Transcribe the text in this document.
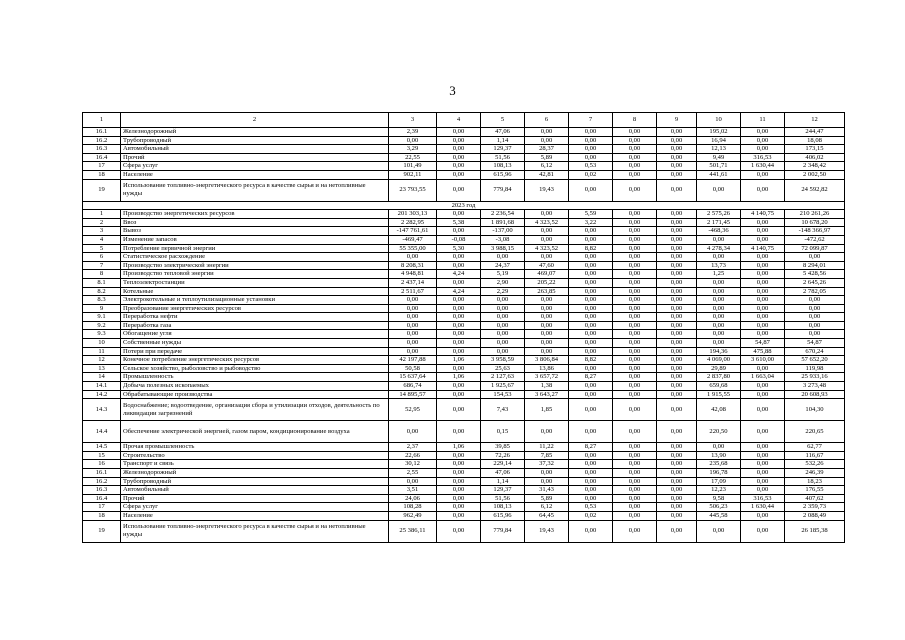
3
1	2	3	4	5	6	7	8	9	10	11	12
16.1	Железнодорожный	2,39	0,00	47,06	0,00	0,00	0,00	0,00	195,02	0,00	244,47
16.2	Трубопроводный	0,00	0,00	1,14	0,00	0,00	0,00	0,00	16,94	0,00	18,08
16.3	Автомобильный	3,29	0,00	129,37	28,37	0,00	0,00	0,00	12,13	0,00	173,15
16.4	Прочий	22,55	0,00	51,56	5,89	0,00	0,00	0,00	9,49	316,53	406,02
17	Сфера услуг	101,49	0,00	108,13	6,12	0,53	0,00	0,00	501,71	1 630,44	2 348,42
18	Население	902,11	0,00	615,96	42,81	0,02	0,00	0,00	441,61	0,00	2 002,50
19	Использование топливно-энергетического ресурса в качестве сырья и на нетопливные нужды	23 793,55	0,00	779,84	19,43	0,00	0,00	0,00	0,00	0,00	24 592,82
2023 год											
1	Производство энергетических ресурсов	201 303,13	0,00	2 236,54	0,00	5,59	0,00	0,00	2 575,26	4 140,75	210 261,26
2	Ввоз	2 282,95	5,38	1 891,68	4 323,52	3,22	0,00	0,00	2 171,45	0,00	10 678,20
3	Вывоз	-147 761,61	0,00	-137,00	0,00	0,00	0,00	0,00	-468,36	0,00	-148 366,97
4	Изменение запасов	-469,47	-0,08	-3,08	0,00	0,00	0,00	0,00	0,00	0,00	-472,62
5	Потребление первичной энергии	55 355,00	5,30	3 988,15	4 323,52	8,82	0,00	0,00	4 278,34	4 140,75	72 099,87
6	Статистическое расхождение	0,00	0,00	0,00	0,00	0,00	0,00	0,00	0,00	0,00	0,00
7	Производство электрической энергии	8 208,31	0,00	24,37	47,60	0,00	0,00	0,00	13,73	0,00	8 294,01
8	Производство тепловой энергии	4 948,81	4,24	5,19	469,07	0,00	0,00	0,00	1,25	0,00	5 428,56
8.1	Теплоэлектростанции	2 437,14	0,00	2,90	205,22	0,00	0,00	0,00	0,00	0,00	2 645,26
8.2	Котельные	2 511,67	4,24	2,29	263,85	0,00	0,00	0,00	0,00	0,00	2 782,05
8.3	Электрокотельные и теплоутилизационные установки	0,00	0,00	0,00	0,00	0,00	0,00	0,00	0,00	0,00	0,00
9	Преобразование энергетических ресурсов	0,00	0,00	0,00	0,00	0,00	0,00	0,00	0,00	0,00	0,00
9.1	Переработка нефти	0,00	0,00	0,00	0,00	0,00	0,00	0,00	0,00	0,00	0,00
9.2	Переработка газа	0,00	0,00	0,00	0,00	0,00	0,00	0,00	0,00	0,00	0,00
9.3	Обогащение угля	0,00	0,00	0,00	0,00	0,00	0,00	0,00	0,00	0,00	0,00
10	Собственные нужды	0,00	0,00	0,00	0,00	0,00	0,00	0,00	0,00	54,87	54,87
11	Потери при передаче	0,00	0,00	0,00	0,00	0,00	0,00	0,00	194,36	475,88	670,24
12	Конечное потребление энергетических ресурсов	42 197,88	1,06	3 958,59	3 806,84	8,82	0,00	0,00	4 069,00	3 610,00	57 652,20
13	Сельское хозяйство, рыболовство и рыбоводство	50,58	0,00	25,63	13,86	0,00	0,00	0,00	29,89	0,00	119,98
14	Промышленность	15 637,64	1,06	2 127,63	3 657,72	8,27	0,00	0,00	2 837,80	1 663,04	25 933,16
14.1	Добыча полезных ископаемых	686,74	0,00	1 925,67	1,38	0,00	0,00	0,00	659,68	0,00	3 273,48
14.2	Обрабатывающие производства	14 895,57	0,00	154,53	3 643,27	0,00	0,00	0,00	1 915,55	0,00	20 608,93
14.3	Водоснабжение; водоотведение, организация сбора и утилизации отходов, деятельность по ликвидации загрязнений	52,95	0,00	7,43	1,85	0,00	0,00	0,00	42,08	0,00	104,30
14.4	Обеспечение электрической энергией, газом паром, кондиционирование воздуха	0,00	0,00	0,15	0,00	0,00	0,00	0,00	220,50	0,00	220,65
14.5	Прочая промышленность	2,37	1,06	39,85	11,22	8,27	0,00	0,00	0,00	0,00	62,77
15	Строительство	22,66	0,00	72,26	7,85	0,00	0,00	0,00	13,90	0,00	116,67
16	Транспорт и связь	30,12	0,00	229,14	37,32	0,00	0,00	0,00	235,68	0,00	532,26
16.1	Железнодорожный	2,55	0,00	47,06	0,00	0,00	0,00	0,00	196,78	0,00	246,39
16.2	Трубопроводный	0,00	0,00	1,14	0,00	0,00	0,00	0,00	17,09	0,00	18,23
16.3	Автомобильный	3,51	0,00	129,37	31,43	0,00	0,00	0,00	12,23	0,00	176,55
16.4	Прочий	24,06	0,00	51,56	5,89	0,00	0,00	0,00	9,58	316,53	407,62
17	Сфера услуг	108,28	0,00	108,13	6,12	0,53	0,00	0,00	506,23	1 630,44	2 359,73
18	Население	962,49	0,00	615,96	64,45	0,02	0,00	0,00	445,58	0,00	2 088,49
19	Использование топливно-энергетического ресурса в качестве сырья и на нетопливные нужды	25 386,11	0,00	779,84	19,43	0,00	0,00	0,00	0,00	0,00	26 185,38
